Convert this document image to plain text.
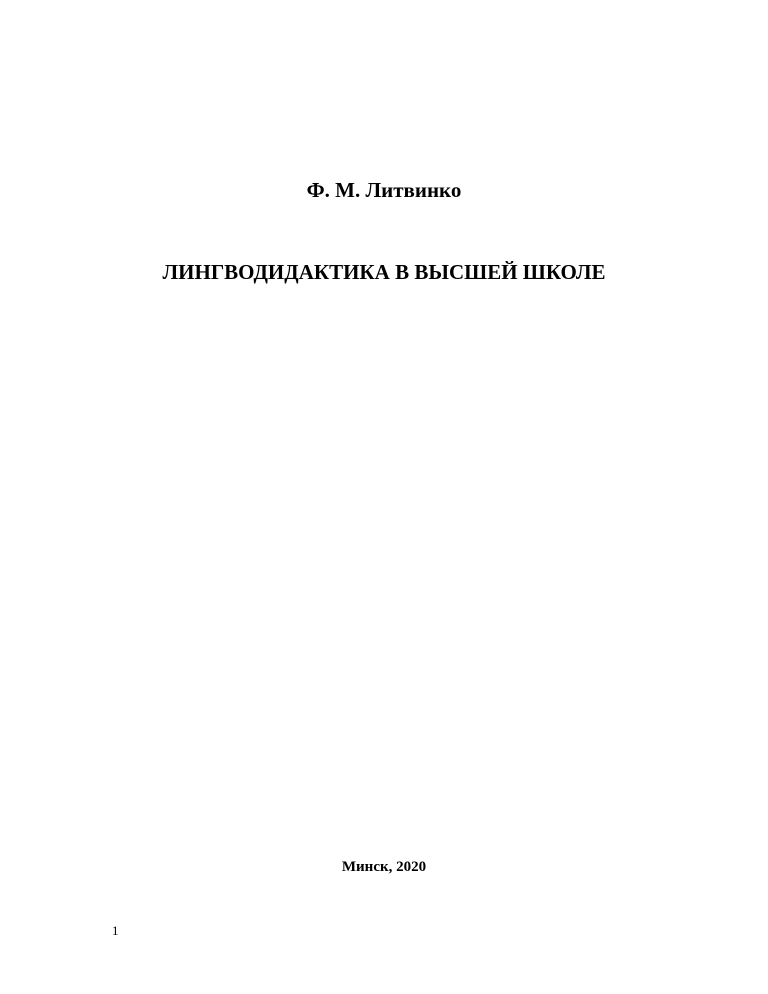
Ф. М. Литвинко
ЛИНГВОДИДАКТИКА В ВЫСШЕЙ ШКОЛЕ
Минск, 2020
1
